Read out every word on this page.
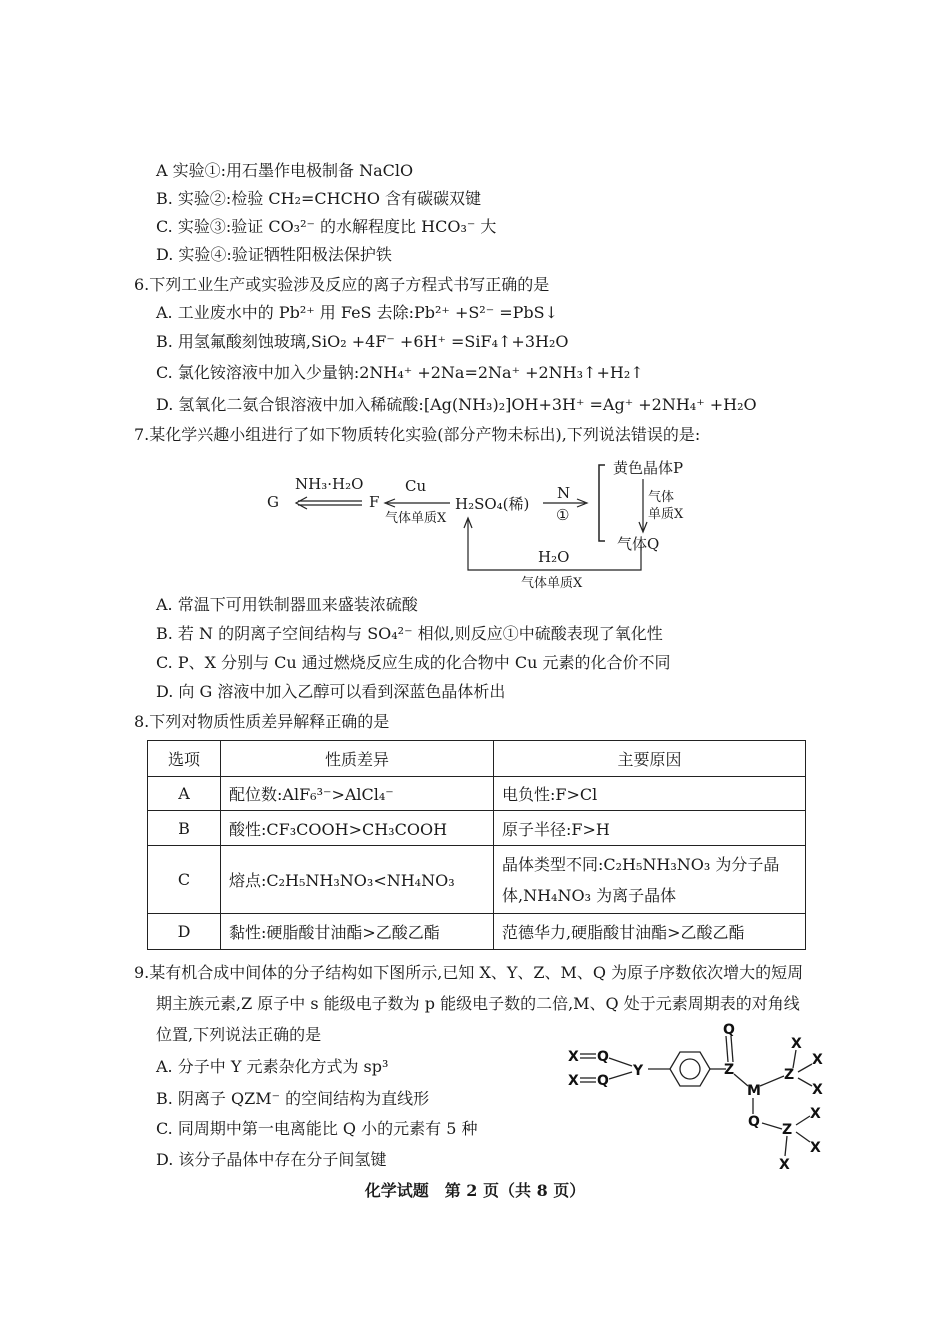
A 实验①:用石墨作电极制备 NaClO
B. 实验②:检验 CH₂=CHCHO 含有碳碳双键
C. 实验③:验证 CO₃²⁻ 的水解程度比 HCO₃⁻ 大
D. 实验④:验证牺牲阳极法保护铁
6.下列工业生产或实验涉及反应的离子方程式书写正确的是
A. 工业废水中的 Pb²⁺ 用 FeS 去除:Pb²⁺ +S²⁻ =PbS↓
B. 用氢氟酸刻蚀玻璃,SiO₂ +4F⁻ +6H⁺ =SiF₄↑+3H₂O
C. 氯化铵溶液中加入少量钠:2NH₄⁺ +2Na=2Na⁺ +2NH₃↑+H₂↑
D. 氢氧化二氨合银溶液中加入稀硫酸:[Ag(NH₃)₂]OH+3H⁺ =Ag⁺ +2NH₄⁺ +H₂O
7.某化学兴趣小组进行了如下物质转化实验(部分产物未标出),下列说法错误的是:
G
NH₃·H₂O
F
Cu
气体单质X
H₂SO₄(稀)
N
①
黄色晶体P
气体
单质X
气体Q
H₂O
气体单质X
A. 常温下可用铁制器皿来盛装浓硫酸
B. 若 N 的阴离子空间结构与 SO₄²⁻ 相似,则反应①中硫酸表现了氧化性
C. P、X 分别与 Cu 通过燃烧反应生成的化合物中 Cu 元素的化合价不同
D. 向 G 溶液中加入乙醇可以看到深蓝色晶体析出
8.下列对物质性质差异解释正确的是
选项	性质差异	主要原因
A	配位数:AlF₆³⁻>AlCl₄⁻	电负性:F>Cl
B	酸性:CF₃COOH>CH₃COOH	原子半径:F>H
C	熔点:C₂H₅NH₃NO₃<NH₄NO₃	晶体类型不同:C₂H₅NH₃NO₃ 为分子晶体,NH₄NO₃ 为离子晶体
D	黏性:硬脂酸甘油酯>乙酸乙酯	范德华力,硬脂酸甘油酯>乙酸乙酯
9.某有机合成中间体的分子结构如下图所示,已知 X、Y、Z、M、Q 为原子序数依次增大的短周
期主族元素,Z 原子中 s 能级电子数为 p 能级电子数的二倍,M、Q 处于元素周期表的对角线
位置,下列说法正确的是
A. 分子中 Y 元素杂化方式为 sp³
B. 阴离子 QZM⁻ 的空间结构为直线形
C. 同周期中第一电离能比 Q 小的元素有 5 种
D. 该分子晶体中存在分子间氢键
X Q
X Q
Y
Q
Z
M
Z
X
X
X
Q Z
X
X
X
化学试题　第 2 页（共 8 页）
